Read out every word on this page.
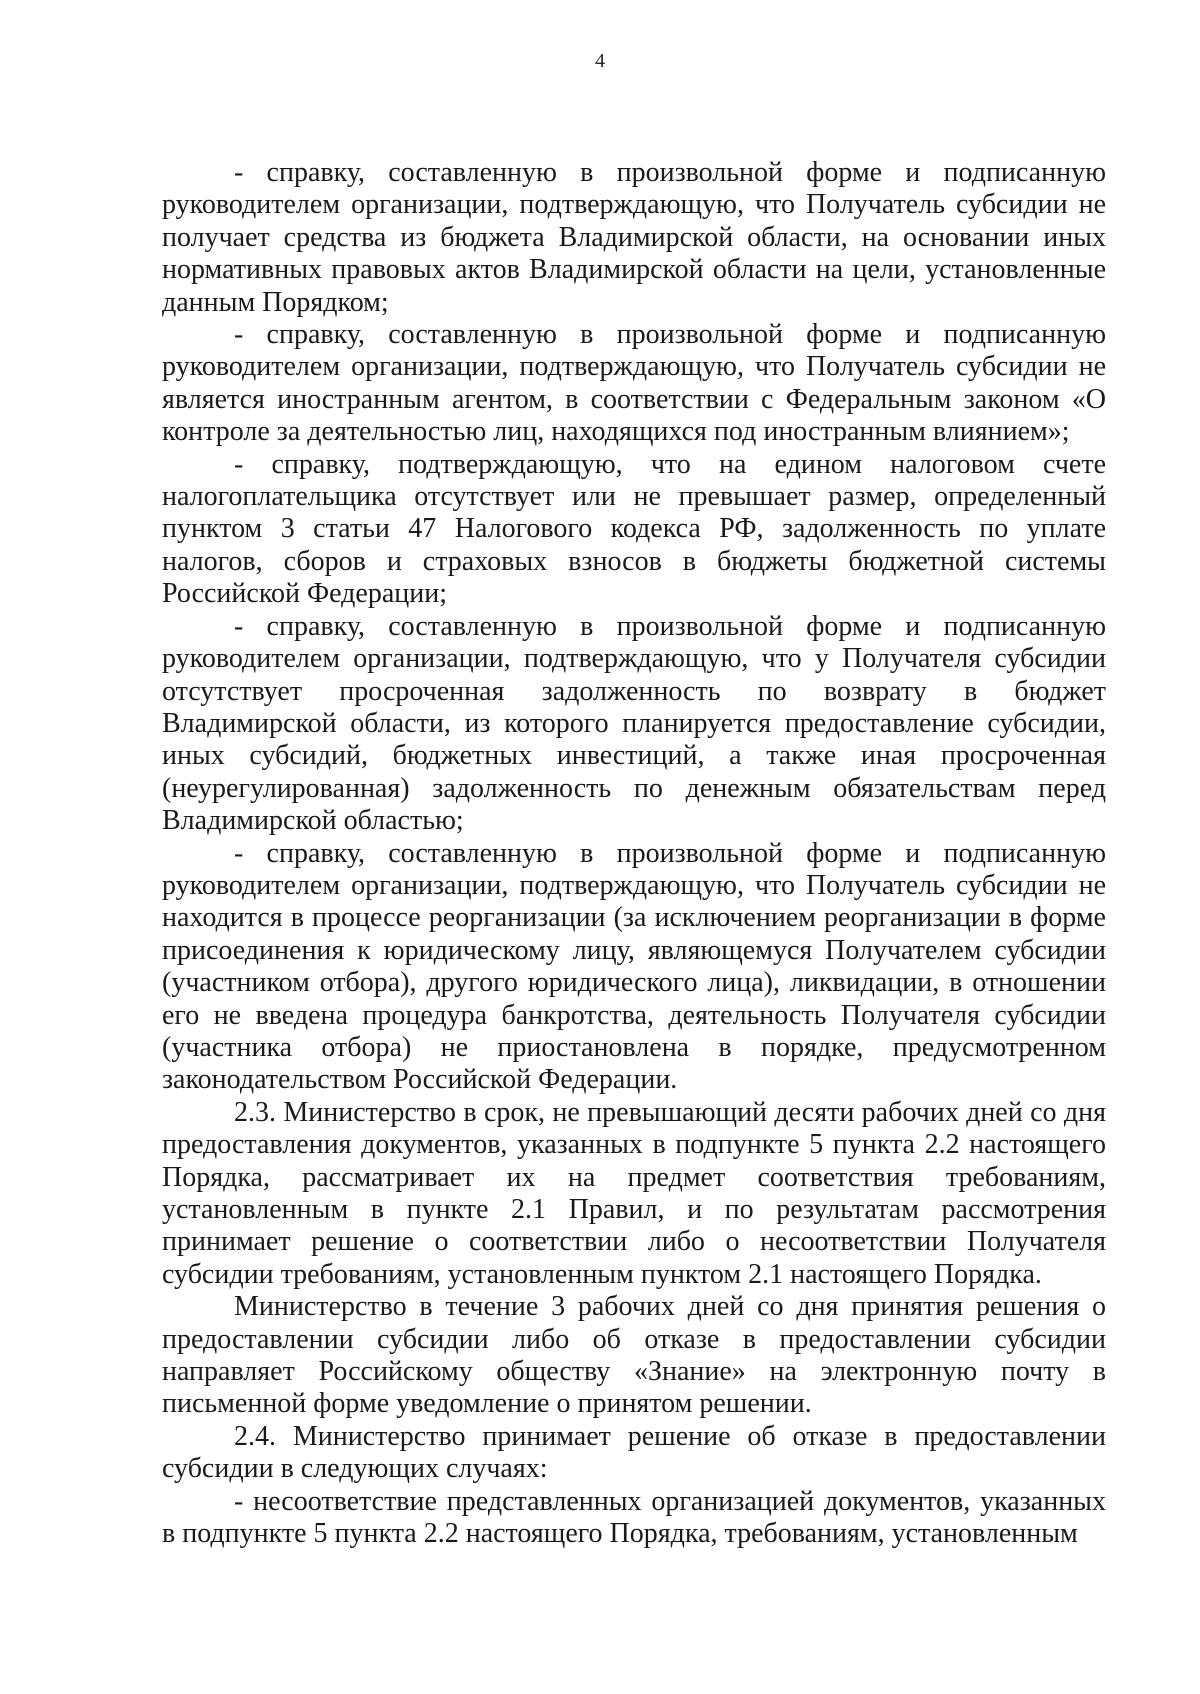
4

- справку, составленную в произвольной форме и подписанную руководителем организации, подтверждающую, что Получатель субсидии не получает средства из бюджета Владимирской области, на основании иных нормативных правовых актов Владимирской области на цели, установленные данным Порядком;

- справку, составленную в произвольной форме и подписанную руководителем организации, подтверждающую, что Получатель субсидии не является иностранным агентом, в соответствии с Федеральным законом «О контроле за деятельностью лиц, находящихся под иностранным влиянием»;

- справку, подтверждающую, что на едином налоговом счете налогоплательщика отсутствует или не превышает размер, определенный пунктом 3 статьи 47 Налогового кодекса РФ, задолженность по уплате налогов, сборов и страховых взносов в бюджеты бюджетной системы Российской Федерации;

- справку, составленную в произвольной форме и подписанную руководителем организации, подтверждающую, что у Получателя субсидии отсутствует просроченная задолженность по возврату в бюджет Владимирской области, из которого планируется предоставление субсидии, иных субсидий, бюджетных инвестиций, а также иная просроченная (неурегулированная) задолженность по денежным обязательствам перед Владимирской областью;

- справку, составленную в произвольной форме и подписанную руководителем организации, подтверждающую, что Получатель субсидии не находится в процессе реорганизации (за исключением реорганизации в форме присоединения к юридическому лицу, являющемуся Получателем субсидии (участником отбора), другого юридического лица), ликвидации, в отношении его не введена процедура банкротства, деятельность Получателя субсидии (участника отбора) не приостановлена в порядке, предусмотренном законодательством Российской Федерации.

2.3. Министерство в срок, не превышающий десяти рабочих дней со дня предоставления документов, указанных в подпункте 5 пункта 2.2 настоящего Порядка, рассматривает их на предмет соответствия требованиям, установленным в пункте 2.1 Правил, и по результатам рассмотрения принимает решение о соответствии либо о несоответствии Получателя субсидии требованиям, установленным пунктом 2.1 настоящего Порядка.

Министерство в течение 3 рабочих дней со дня принятия решения о предоставлении субсидии либо об отказе в предоставлении субсидии направляет Российскому обществу «Знание» на электронную почту в письменной форме уведомление о принятом решении.

2.4. Министерство принимает решение об отказе в предоставлении субсидии в следующих случаях:

- несоответствие представленных организацией документов, указанных в подпункте 5 пункта 2.2 настоящего Порядка, требованиям, установленным
